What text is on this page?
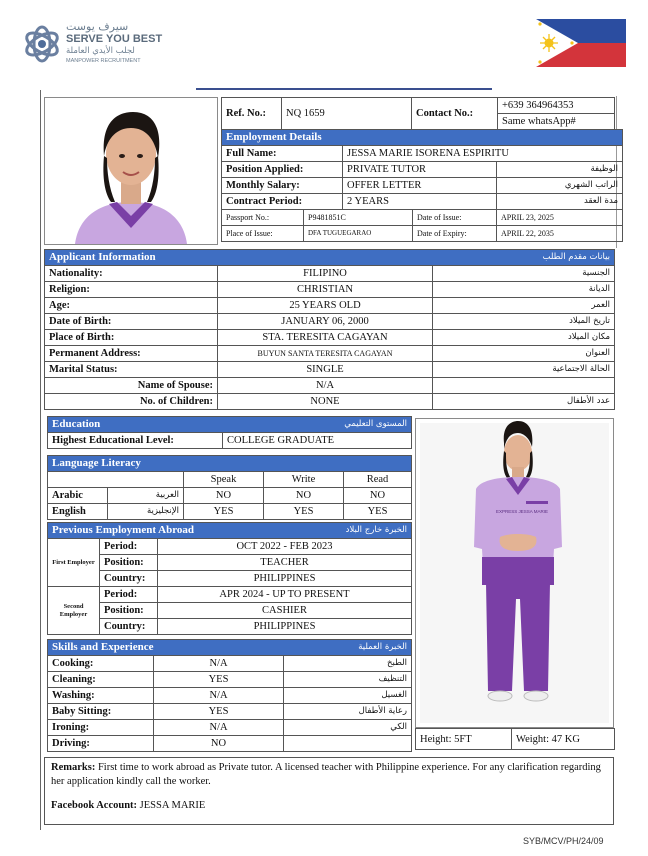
سيرف يوست
SERVE YOU BEST
لجلب الأيدي العاملة
MANPOWER RECRUITMENT
Ref. No.:	NQ 1659	Contact No.:	+639 364964353
Same whatsApp#
Employment Details				
Full Name:		JESSA MARIE ISORENA ESPIRITU		
Position Applied:		PRIVATE TUTOR		الوظيفة
Monthly Salary:		OFFER LETTER		الراتب الشهري
Contract Period:		2 YEARS		مدة العقد
Passport No.:	P9481851C		Date of Issue:	APRIL 23, 2025
Place of Issue:	DFA TUGUEGARAO		Date of Expiry:	APRIL 22, 2035
Applicant Information بيانات مقدم الطلب		

Nationality:	FILIPINO	الجنسية
Religion:	CHRISTIAN	الديانة
Age:	25 YEARS OLD	العمر
Date of Birth:	JANUARY 06, 2000	تاريخ الميلاد
Place of Birth:	STA. TERESITA CAGAYAN	مكان الميلاد
Permanent Address:	BUYUN SANTA TERESITA CAGAYAN	العنوان
Marital Status:	SINGLE	الحالة الاجتماعية
Name of Spouse:	N/A	
No. of Children:	NONE	عدد الأطفال
Education	المستوى التعليمي

Highest Educational Level:	COLLEGE GRADUATE
Language Literacy				
		Speak	Write	Read
Arabic	العربية	NO	NO	NO
English	الإنجليزية	YES	YES	YES
Previous Employment Abroad الخبرة خارج البلاد		

First Employer	Period:	OCT 2022 - FEB 2023
	Position:	TEACHER
	Country:	PHILIPPINES
Second Employer	Period:	APR 2024 - UP TO PRESENT
	Position:	CASHIER
	Country:	PHILIPPINES
Skills and Experience الخبرة العملية		

Cooking:	N/A	الطبخ
Cleaning:	YES	التنظيف
Washing:	N/A	الغسيل
Baby Sitting:	YES	رعاية الأطفال
Ironing:	N/A	الكي
Driving:	NO	
EXPRESS JESSA MARIE
Height: 5FT	Weight: 47 KG
Remarks: First time to work abroad as Private tutor. A licensed teacher with Philippine experience. For any clarification regarding her application kindly call the worker.
Facebook Account: JESSA MARIE
SYB/MCV/PH/24/09
